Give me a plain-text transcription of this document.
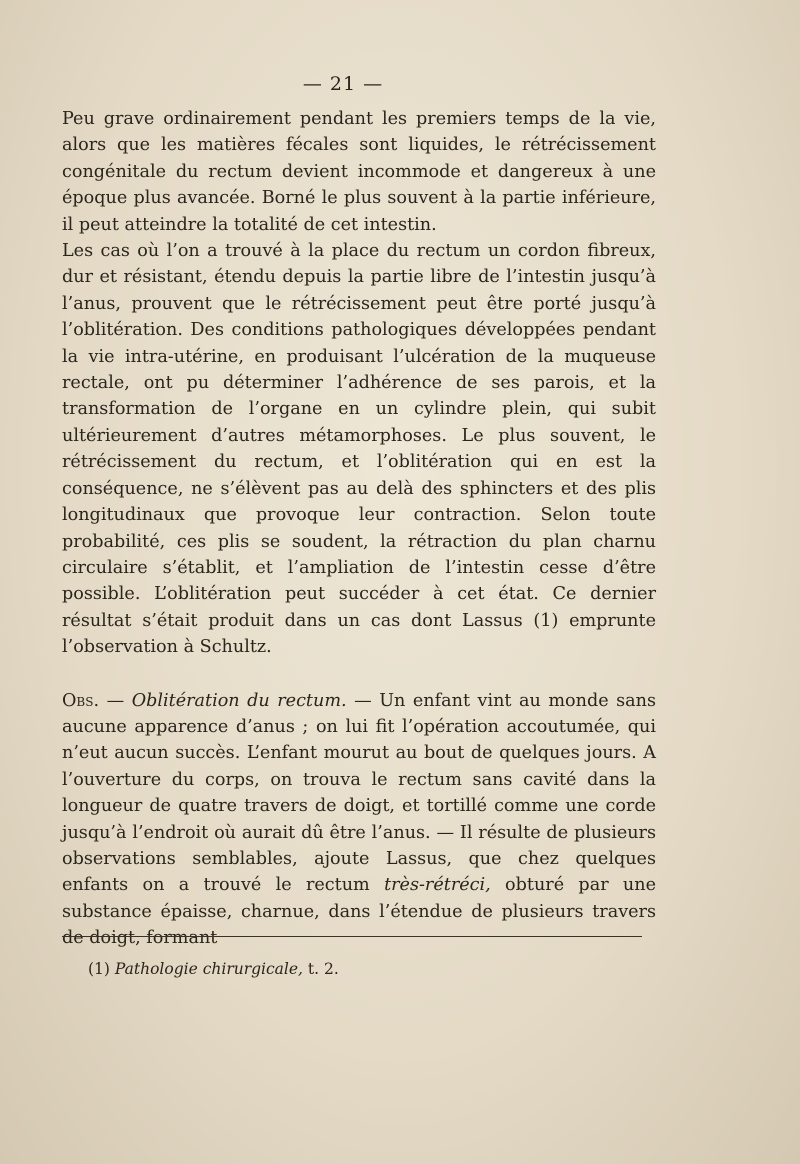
— 21 —

Peu grave ordinairement pendant les premiers temps de la vie, alors que les matières fécales sont liquides, le rétrécissement congénitale du rectum devient incommode et dangereux à une époque plus avancée. Borné le plus souvent à la partie inférieure, il peut atteindre la totalité de cet intestin.

Les cas où l’on a trouvé à la place du rectum un cordon fibreux, dur et résistant, étendu depuis la partie libre de l’intestin jusqu’à l’anus, prouvent que le rétrécissement peut être porté jusqu’à l’oblitération. Des conditions pathologiques développées pendant la vie intra-utérine, en produisant l’ulcération de la muqueuse rectale, ont pu déterminer l’adhérence de ses parois, et la transformation de l’organe en un cylindre plein, qui subit ultérieurement d’autres métamorphoses. Le plus souvent, le rétrécissement du rectum, et l’oblitération qui en est la conséquence, ne s’élèvent pas au delà des sphincters et des plis longitudinaux que provoque leur contraction. Selon toute probabilité, ces plis se soudent, la rétraction du plan charnu circulaire s’établit, et l’ampliation de l’intestin cesse d’être possible. L’oblitération peut succéder à cet état. Ce dernier résultat s’était produit dans un cas dont Lassus (1) emprunte l’observation à Schultz.

Obs. — Oblitération du rectum. — Un enfant vint au monde sans aucune apparence d’anus ; on lui fit l’opération accoutumée, qui n’eut aucun succès. L’enfant mourut au bout de quelques jours. A l’ouverture du corps, on trouva le rectum sans cavité dans la longueur de quatre travers de doigt, et tortillé comme une corde jusqu’à l’endroit où aurait dû être l’anus. — Il résulte de plusieurs observations semblables, ajoute Lassus, que chez quelques enfants on a trouvé le rectum très-rétréci, obturé par une substance épaisse, charnue, dans l’étendue de plusieurs travers de doigt, formant

(1) Pathologie chirurgicale, t. 2.
